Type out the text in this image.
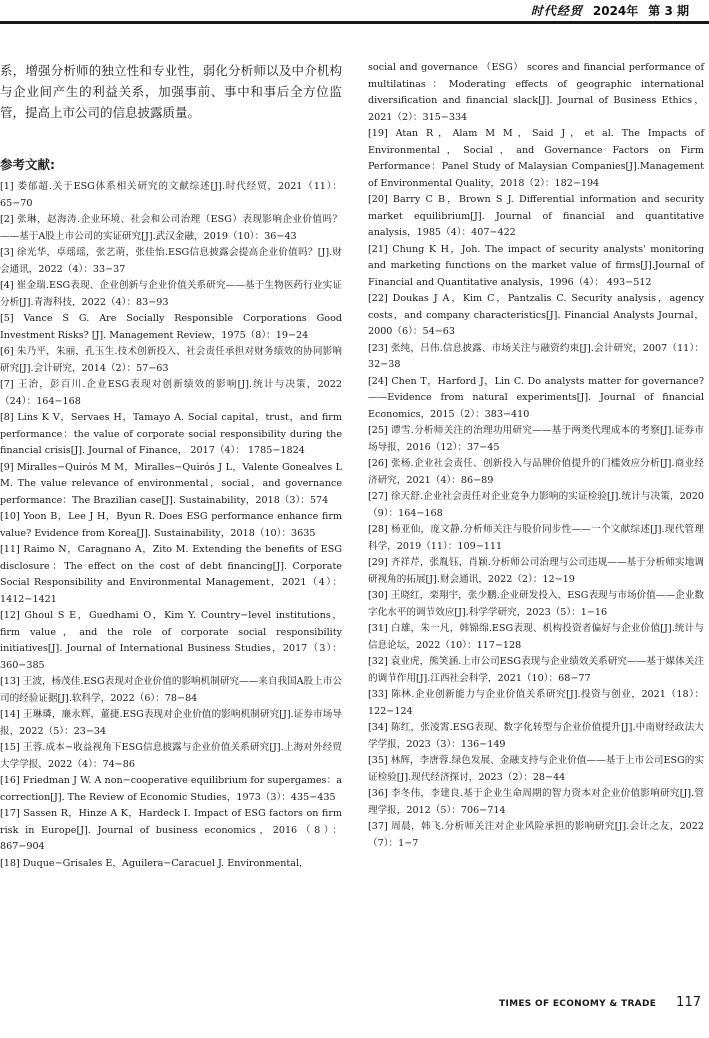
时代经贸 2024年 第 3 期

系，增强分析师的独立性和专业性，弱化分析师以及中介机构与企业间产生的利益关系，加强事前、事中和事后全方位监管，提高上市公司的信息披露质量。

参考文献:

[1] 娄郁超.关于ESG体系相关研究的文献综述[J].时代经贸，2021（11）：65−70

[2] 张琳，赵海涛.企业环境、社会和公司治理（ESG）表现影响企业价值吗？——基于A股上市公司的实证研究[J].武汉金融，2019（10）：36−43

[3] 徐光华，卓瑶瑶，张艺萌，张佳怡.ESG信息披露会提高企业价值吗？[J].财会通讯，2022（4）：33−37

[4] 崔金瑞.ESG表现、企业创新与企业价值关系研究——基于生物医药行业实证分析[J].青海科技，2022（4）：83−93

[5] Vance S G. Are Socially Responsible Corporations Good Investment Risks? [J]. Management Review，1975（8）：19−24

[6] 朱乃平，朱丽，孔玉生.技术创新投入、社会责任承担对财务绩效的协同影响研究[J].会计研究，2014（2）：57−63

[7] 王治，彭百川.企业ESG表现对创新绩效的影响[J].统计与决策，2022（24）：164−168

[8] Lins K V，Servaes H，Tamayo A. Social capital，trust，and firm performance：the value of corporate social responsibility during the financial crisis[J]. Journal of Finance， 2017（4）： 1785−1824

[9] Miralles−Quirós M M，Miralles−Quirós J L，Valente Gonealves L M. The value relevance of environmental，social，and governance performance：The Brazilian case[J]. Sustainability，2018（3）：574

[10] Yoon B，Lee J H，Byun R. Does ESG performance enhance firm value? Evidence from Korea[J]. Sustainability，2018（10）：3635

[11] Raimo N，Caragnano A，Zito M. Extending the benefits of ESG disclosure：The effect on the cost of debt financing[J]. Corporate Social Responsibility and Environmental Management，2021（4）：1412−1421

[12] Ghoul S E，Guedhami O，Kim Y. Country−level institutions，firm value，and the role of corporate social responsibility initiatives[J]. Journal of International Business Studies，2017（3）： 360−385

[13] 王波，杨茂佳.ESG表现对企业价值的影响机制研究——来自我国A股上市公司的经验证据[J].软科学，2022（6）：78−84

[14] 王琳璘，廉永辉，董捷.ESG表现对企业价值的影响机制研究[J].证券市场导报，2022（5）：23−34

[15] 王蓉.成本−收益视角下ESG信息披露与企业价值关系研究[J].上海对外经贸大学学报，2022（4）：74−86

[16] Friedman J W. A non−cooperative equilibrium for supergames：a correction[J]. The Review of Economic Studies，1973（3）：435−435

[17] Sassen R，Hinze A K，Hardeck I. Impact of ESG factors on firm risk in Europe[J]. Journal of business economics，2016（8）：867−904

[18] Duque−Grisales E，Aguilera−Caracuel J. Environmental，

social and governance （ESG） scores and financial performance of multilatinas：Moderating effects of geographic international diversification and financial slack[J]. Journal of Business Ethics，2021（2）：315−334

[19] Atan R，Alam M M，Said J，et al. The Impacts of Environmental，Social，and Governance Factors on Firm Performance：Panel Study of Malaysian Companies[J].Management of Environmental Quality，2018（2）：182−194

[20] Barry C B，Brown S J. Differential information and security market equilibrium[J]. Journal of financial and quantitative analysis，1985（4）：407−422

[21] Chung K H，Joh. The impact of security analysts' monitoring and marketing functions on the market value of firms[J].Journal of Financial and Quantitative analysis，1996（4）： 493−512

[22] Doukas J A，Kim C，Pantzalis C. Security analysis，agency costs，and company characteristics[J]. Financial Analysts Journal，2000（6）：54−63

[23] 张纯，吕伟.信息披露、市场关注与融资约束[J].会计研究，2007（11）：32−38

[24] Chen T，Harford J，Lin C. Do analysts matter for governance? ——Evidence from natural experiments[J]. Journal of financial Economics，2015（2）：383−410

[25] 谭雪.分析师关注的治理功用研究——基于两类代理成本的考察[J].证券市场导报，2016（12）：37−45

[26] 张杨.企业社会责任、创新投入与品牌价值提升的门槛效应分析[J].商业经济研究，2021（4）：86−89

[27] 徐天舒.企业社会责任对企业竞争力影响的实证检验[J].统计与决策，2020（9）：164−168

[28] 杨亚仙，庞文静.分析师关注与股价同步性——一个文献综述[J].现代管理科学，2019（11）：109−111

[29] 齐祥芹，张胤钰，肖颖.分析师公司治理与公司违规——基于分析师实地调研视角的拓展[J].财会通讯，2022（2）：12−19

[30] 王晓红，栾翔宇，张少鹏.企业研发投入、ESG表现与市场价值——企业数字化水平的调节效应[J].科学学研究，2023（5）：1−16

[31] 白雄，朱一凡，韩锦绵.ESG表现、机构投资者偏好与企业价值[J].统计与信息论坛，2022（10）：117−128

[32] 袁业虎，熊笑涵.上市公司ESG表现与企业绩效关系研究——基于媒体关注的调节作用[J].江西社会科学，2021（10）：68−77

[33] 陈林.企业创新能力与企业价值关系研究[J].投资与创业，2021（18）：122−124

[34] 陈红，张凌霄.ESG表现、数字化转型与企业价值提升[J].中南财经政法大学学报，2023（3）：136−149

[35] 林辉，李唐蓉.绿色发展、金融支持与企业价值——基于上市公司ESG的实证检验[J].现代经济探讨，2023（2）：28−44

[36] 李冬伟，李建良.基于企业生命周期的智力资本对企业价值影响研究[J].管理学报，2012（5）：706−714

[37] 周晨，韩飞.分析师关注对企业风险承担的影响研究[J].会计之友，2022（7）：1−7

TIMES OF ECONOMY & TRADE 117
